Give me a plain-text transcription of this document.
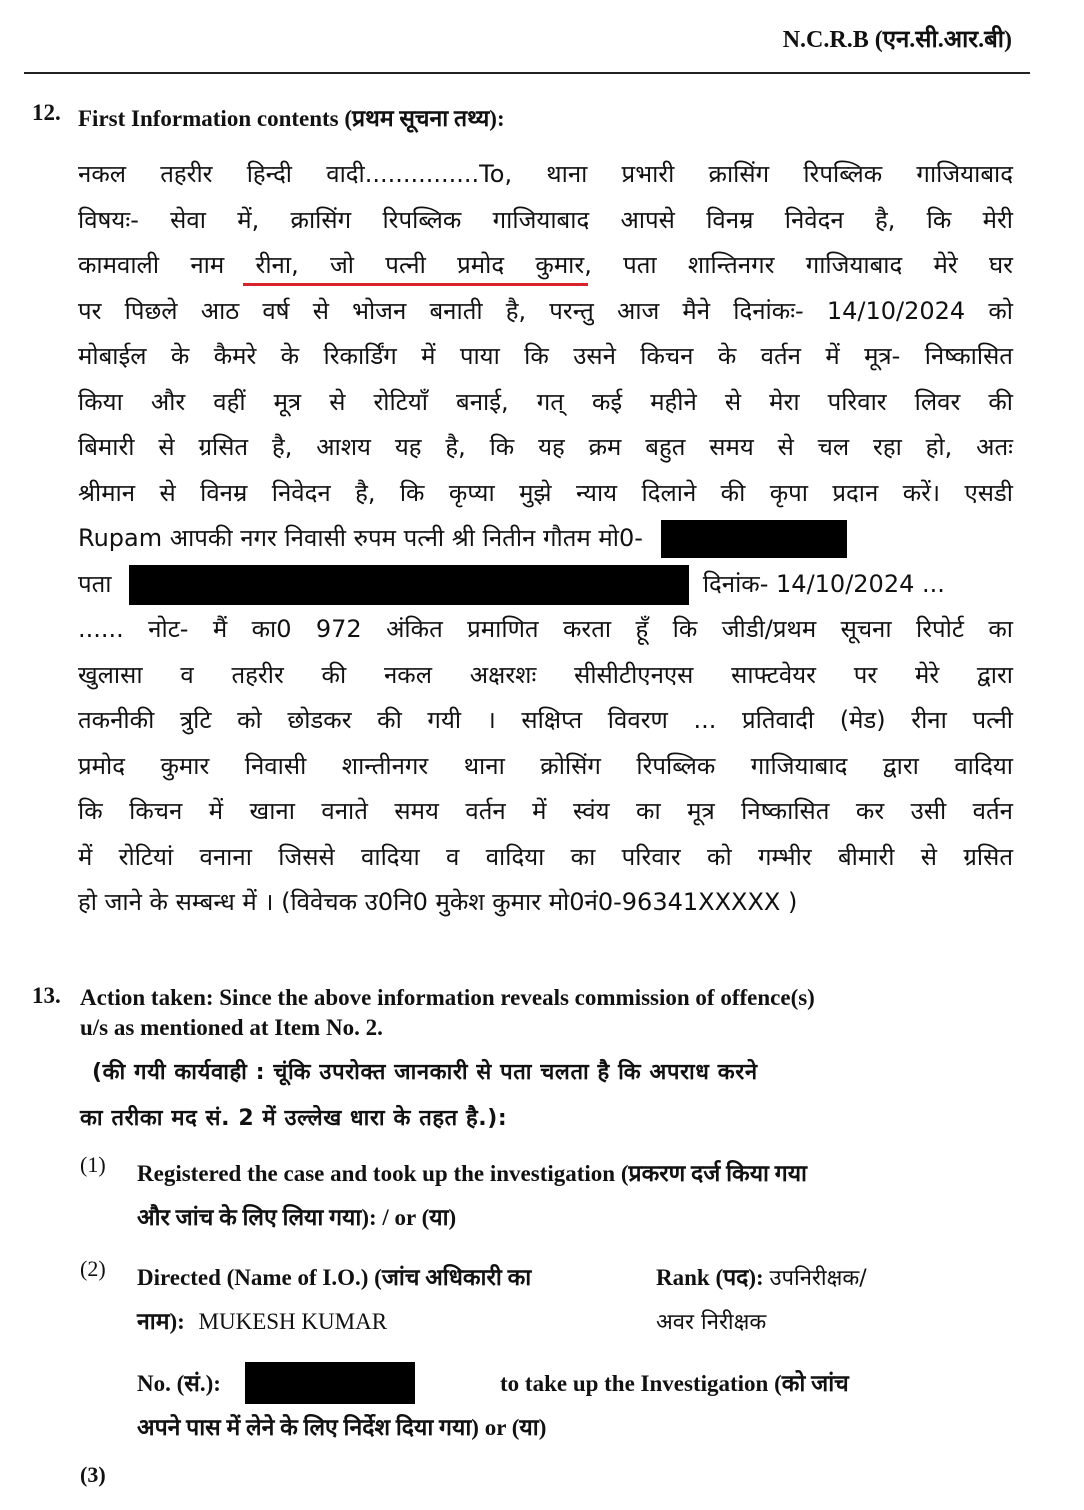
N.C.R.B (एन.सी.आर.बी)
12. First Information contents (प्रथम सूचना तथ्य):
नकल तहरीर हिन्दी वादी...............To, थाना प्रभारी क्रासिंग रिपब्लिक गाजियाबाद
विषयः- सेवा में, क्रासिंग रिपब्लिक गाजियाबाद आपसे विनम्र निवेदन है, कि मेरी
कामवाली नाम रीना, जो पत्नी प्रमोद कुमार, पता शान्तिनगर गाजियाबाद मेरे घर
पर पिछले आठ वर्ष से भोजन बनाती है, परन्तु आज मैने दिनांकः- 14/10/2024 को
मोबाईल के कैमरे के रिकार्डिंग में पाया कि उसने किचन के वर्तन में मूत्र- निष्कासित
किया और वहीं मूत्र से रोटियाँ बनाई, गत् कई महीने से मेरा परिवार लिवर की
बिमारी से ग्रसित है, आशय यह है, कि यह क्रम बहुत समय से चल रहा हो, अतः
श्रीमान से विनम्र निवेदन है, कि कृप्या मुझे न्याय दिलाने की कृपा प्रदान करें। एसडी
Rupam आपकी नगर निवासी रुपम पत्नी श्री नितीन गौतम मो0-
पता	दिनांक- 14/10/2024 ...
...... नोट- मैं का0 972 अंकित प्रमाणित करता हूँ कि जीडी/प्रथम सूचना रिपोर्ट का
खुलासा व तहरीर की नकल अक्षरशः सीसीटीएनएस साफ्टवेयर पर मेरे द्वारा
तकनीकी त्रुटि को छोडकर की गयी । सक्षिप्त विवरण ... प्रतिवादी (मेड) रीना पत्नी
प्रमोद कुमार निवासी शान्तीनगर थाना क्रोसिंग रिपब्लिक गाजियाबाद द्वारा वादिया
कि किचन में खाना वनाते समय वर्तन में स्वंय का मूत्र निष्कासित कर उसी वर्तन
में रोटियां वनाना जिससे वादिया व वादिया का परिवार को गम्भीर बीमारी से ग्रसित
हो जाने के सम्बन्ध में । (विवेचक उ0नि0 मुकेश कुमार मो0नं0-96341XXXXX )
13. Action taken: Since the above information reveals commission of offence(s)
u/s as mentioned at Item No. 2.
(की गयी कार्यवाही : चूंकि उपरोक्त जानकारी से पता चलता है कि अपराध करने
का तरीका मद सं. 2 में उल्लेख धारा के तहत है.):
(1) Registered the case and took up the investigation (प्रकरण दर्ज किया गया
और जांच के लिए लिया गया): / or (या)
(2) Directed (Name of I.O.) (जांच अधिकारी का
नाम): MUKESH KUMAR
Rank (पद): उपनिरीक्षक/
अवर निरीक्षक
No. (सं.):	to take up the Investigation (को जांच
अपने पास में लेने के लिए निर्देश दिया गया) or (या)
(3)
